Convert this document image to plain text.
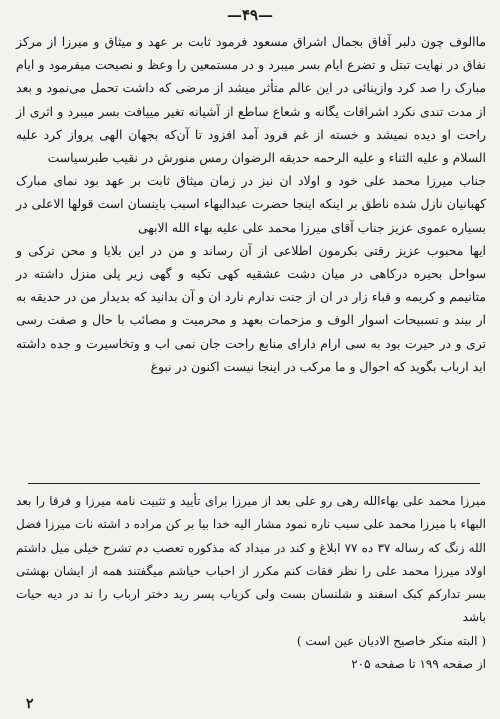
—۴۹—

ما‌الوف چون دلبر آفاق بجمال اشراق مسعود فرمود ثابت بر عهد و میثاق و میرزا از مرکز نفاق در نهایت تبتل و تضرع ایام بسر میبرد و در مستمعین را وعظ و نصیحت میفرمود و ایام مبارک را صد کرد وازینائی در این عالم متأثر میشد از مرضی که داشت تحمل می‌نمود و بعد از مدت تندی نکرد اشراقات یگانه و شعاع ساطع از آشیانه تغیر مییافت بسر میبرد و اثری از راحت او دیده نمیشد و خسته از غم فرود آمد افزود تا آن‌که بجهان الهی پرواز کرد علیه السلام و علیه الثناء و علیه الرحمه حدیقه الرضوان رمس منورش در نقیب طبرسیاست

جناب میرزا محمد علی خود و اولاد ان نیز در زمان میثاق ثابت بر عهد بود نمای مبارک کهبانیان نازل شده ناطق بر اینکه اینجا حضرت عبدالبهاء اسبب باینسان است قولها الاعلی در بسیاره عموی عزیز جناب آقای میرزا محمد علی علیه بهاء الله الابهی

ایها محبوب عزیز رقتی بکرمون اطلاعی از آن رساند و من در این بلایا و محن ترکی و سواحل بحیره درکاهی در میان دشت عشقیه کهی تکیه و گهی زیر پلی منزل داشته در متانیمم و کریمه و قباء زار در ان از جنت ندارم نارد ان و آن بدانید که بدیدار من در حدیقه به ار بیند و تسبیحات اسوار الوف و مزحمات بعهد و محرمیت و مصائب با حال و صفت رسی تری و در حیرت بود به سی ارام دارای منابع راحت جان نمی اب و وتخاسیرت و جده داشته اید ارباب بگوید که احوال و ما مرکب در اینجا نیست اکنون در نبوغ

میرزا محمد علی بهاءالله رهی رو علی بعد از میرزا برای تأیید و تثبیت نامه میرزا و فرقا را بعد البهاء با میرزا محمد علی سبب ناره نمود مشار الیه خدا بیا بر کن مراده د اشته نات میرزا فضل الله زنگ که رساله ۳۷ ده ۷۷ ابلاغ و کند در میداد که مذکوره تعصب دم تشرح خیلی میل داشتم اولاد میرزا محمد علی را نظر فقات کنم مکرر از احباب حیاشم میگفتند همه از ایشان بهشتی بسر تدارکم کبک اسفند و شلنسان بست ولی کریاب پسر رید دختر ارباب را ند در دیه حیات باشد

( البته منکر خاصیح الادیان عین است )

از صفحه ۱۹۹ تا صفحه ۲۰۵

۲
